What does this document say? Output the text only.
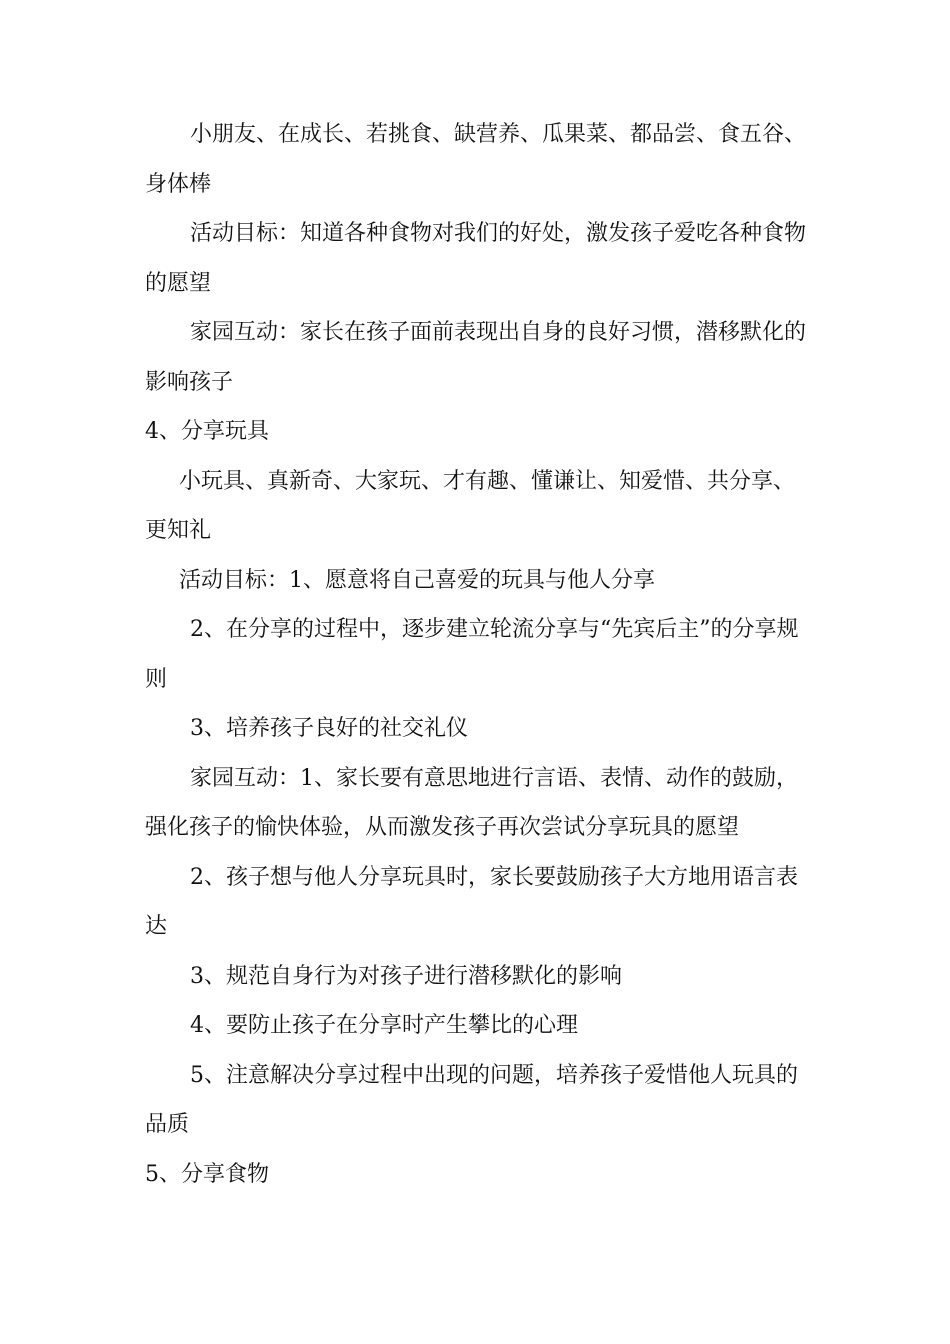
小朋友、在成长、若挑食、缺营养、瓜果菜、都品尝、食五谷、身体棒

活动目标：知道各种食物对我们的好处，激发孩子爱吃各种食物的愿望

家园互动：家长在孩子面前表现出自身的良好习惯，潜移默化的影响孩子

4、分享玩具

小玩具、真新奇、大家玩、才有趣、懂谦让、知爱惜、共分享、更知礼

活动目标：1、愿意将自己喜爱的玩具与他人分享

2、在分享的过程中，逐步建立轮流分享与“先宾后主”的分享规则

3、培养孩子良好的社交礼仪

家园互动：1、家长要有意思地进行言语、表情、动作的鼓励，强化孩子的愉快体验，从而激发孩子再次尝试分享玩具的愿望

2、孩子想与他人分享玩具时，家长要鼓励孩子大方地用语言表达

3、规范自身行为对孩子进行潜移默化的影响

4、要防止孩子在分享时产生攀比的心理

5、注意解决分享过程中出现的问题，培养孩子爱惜他人玩具的品质

5、分享食物
